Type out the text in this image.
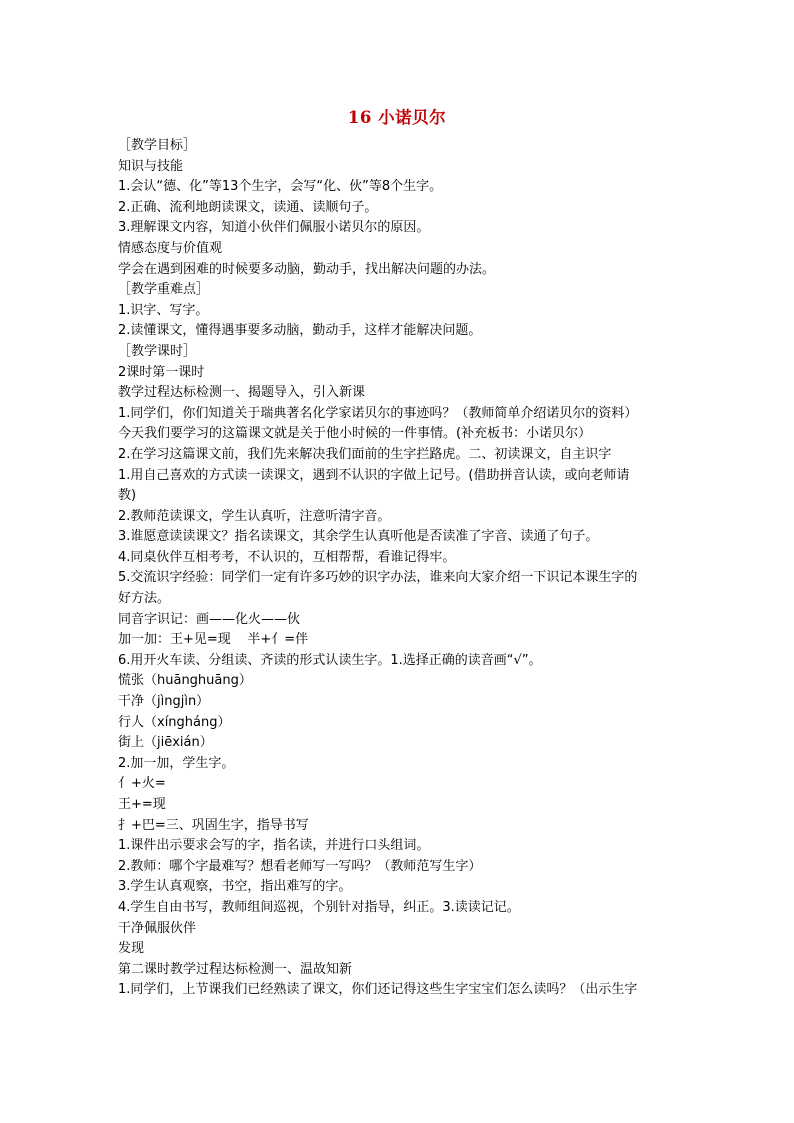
16 小诺贝尔
［教学目标］
知识与技能
1.会认“德、化”等13个生字，会写“化、伙”等8个生字。
2.正确、流利地朗读课文，读通、读顺句子。
3.理解课文内容，知道小伙伴们佩服小诺贝尔的原因。
情感态度与价值观
学会在遇到困难的时候要多动脑，勤动手，找出解决问题的办法。
［教学重难点］
1.识字、写字。
2.读懂课文，懂得遇事要多动脑，勤动手，这样才能解决问题。
［教学课时］
2课时第一课时
教学过程达标检测一、揭题导入，引入新课
1.同学们，你们知道关于瑞典著名化学家诺贝尔的事迹吗？（教师简单介绍诺贝尔的资料）
今天我们要学习的这篇课文就是关于他小时候的一件事情。(补充板书：小诺贝尔）
2.在学习这篇课文前，我们先来解决我们面前的生字拦路虎。二、初读课文，自主识字
1.用自己喜欢的方式读一读课文，遇到不认识的字做上记号。(借助拼音认读，或向老师请
教)
2.教师范读课文，学生认真听，注意听清字音。
3.谁愿意读读课文？指名读课文，其余学生认真听他是否读准了字音、读通了句子。
4.同桌伙伴互相考考，不认识的，互相帮帮，看谁记得牢。
5.交流识字经验：同学们一定有许多巧妙的识字办法，谁来向大家介绍一下识记本课生字的
好方法。
同音字识记：画——化火——伙
加一加：王+见=现    半+亻=伴
6.用开火车读、分组读、齐读的形式认读生字。1.选择正确的读音画“√”。
慌张（huānghuāng）
干净（jìngjìn）
行人（xíngháng）
街上（jiēxián）
2.加一加，学生字。
亻+火=
王+=现
扌+巴=三、巩固生字，指导书写
1.课件出示要求会写的字，指名读，并进行口头组词。
2.教师：哪个字最难写？想看老师写一写吗？（教师范写生字）
3.学生认真观察，书空，指出难写的字。
4.学生自由书写，教师组间巡视，个别针对指导，纠正。3.读读记记。
干净佩服伙伴
发现
第二课时教学过程达标检测一、温故知新
1.同学们，上节课我们已经熟读了课文，你们还记得这些生字宝宝们怎么读吗？（出示生字
